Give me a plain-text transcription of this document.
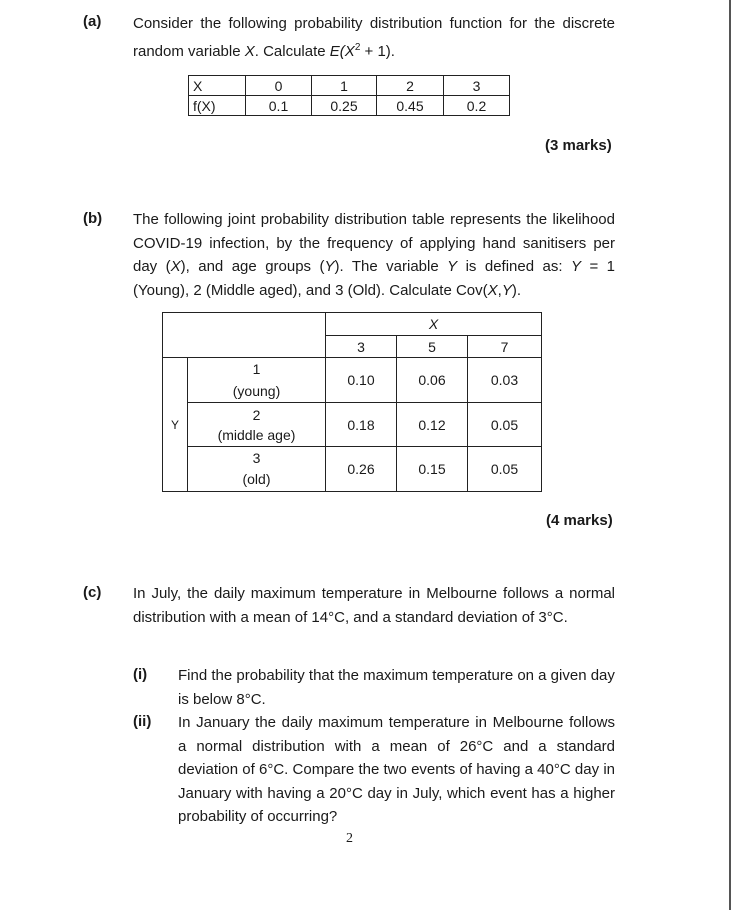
(a) Consider the following probability distribution function for the discrete random variable X. Calculate $E(X^2 + 1)$.

X	0	1	2	3
f(X)	0.1	0.25	0.45	0.2
(3 marks)
(b) The following joint probability distribution table represents the likelihood COVID-19 infection, by the frequency of applying hand sanitisers per day (X), and age groups (Y). The variable Y is defined as: Y = 1 (Young), 2 (Middle aged), and 3 (Old). Calculate Cov(X,Y).

		X		
		3	5	7
Y	1
(young)	0.10	0.06	0.03

	2
(middle age)	0.18	0.12	0.05

	3
(old)	0.26	0.15	0.05
(4 marks)
(c) In July, the daily maximum temperature in Melbourne follows a normal distribution with a mean of 14°C, and a standard deviation of 3°C.

(i) Find the probability that the maximum temperature on a given day is below 8°C.

(ii) In January the daily maximum temperature in Melbourne follows a normal distribution with a mean of 26°C and a standard deviation of 6°C. Compare the two events of having a 40°C day in January with having a 20°C day in July, which event has a higher probability of occurring?

2
